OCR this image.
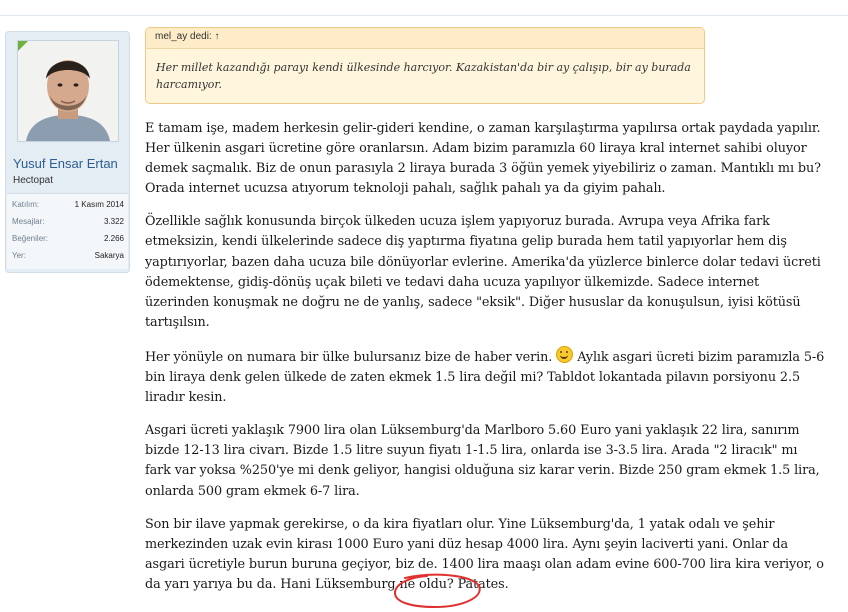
Yusuf Ensar Ertan
Hectopat
Katılım:	1 Kasım 2014
Mesajlar:	3.322
Beğeniler:	2.266
Yer:	Sakarya
mel_ay dedi: ↑
Her millet kazandığı parayı kendi ülkesinde harcıyor. Kazakistan'da bir ay çalışıp, bir ay burada harcamıyor.

E tamam işe, madem herkesin gelir-gideri kendine, o zaman karşılaştırma yapılırsa ortak paydada yapılır. Her ülkenin asgari ücretine göre oranlarsın. Adam bizim paramızla 60 liraya kral internet sahibi oluyor demek saçmalık. Biz de onun parasıyla 2 liraya burada 3 öğün yemek yiyebiliriz o zaman. Mantıklı mı bu? Orada internet ucuzsa atıyorum teknoloji pahalı, sağlık pahalı ya da giyim pahalı.

Özellikle sağlık konusunda birçok ülkeden ucuza işlem yapıyoruz burada. Avrupa veya Afrika fark etmeksizin, kendi ülkelerinde sadece diş yaptırma fiyatına gelip burada hem tatil yapıyorlar hem diş yaptırıyorlar, bazen daha ucuza bile dönüyorlar evlerine. Amerika'da yüzlerce binlerce dolar tedavi ücreti ödemektense, gidiş-dönüş uçak bileti ve tedavi daha ucuza yapılıyor ülkemizde. Sadece internet üzerinden konuşmak ne doğru ne de yanlış, sadece "eksik". Diğer hususlar da konuşulsun, iyisi kötüsü tartışılsın.

Her yönüyle on numara bir ülke bulursanız bize de haber verin. Aylık asgari ücreti bizim paramızla 5-6 bin liraya denk gelen ülkede de zaten ekmek 1.5 lira değil mi? Tabldot lokantada pilavın porsiyonu 2.5 liradır kesin.

Asgari ücreti yaklaşık 7900 lira olan Lüksemburg'da Marlboro 5.60 Euro yani yaklaşık 22 lira, sanırım bizde 12-13 lira civarı. Bizde 1.5 litre suyun fiyatı 1-1.5 lira, onlarda ise 3-3.5 lira. Arada "2 liracık" mı fark var yoksa %250'ye mi denk geliyor, hangisi olduğuna siz karar verin. Bizde 250 gram ekmek 1.5 lira, onlarda 500 gram ekmek 6-7 lira.

Son bir ilave yapmak gerekirse, o da kira fiyatları olur. Yine Lüksemburg'da, 1 yatak odalı ve şehir merkezinden uzak evin kirası 1000 Euro yani düz hesap 4000 lira. Aynı şeyin laciverti yani. Onlar da asgari ücretiyle burun buruna geçiyor, biz de. 1400 lira maaşı olan adam evine 600-700 lira kira veriyor, o da yarı yarıya bu da. Hani Lüksemburg ne oldu? Patates.
